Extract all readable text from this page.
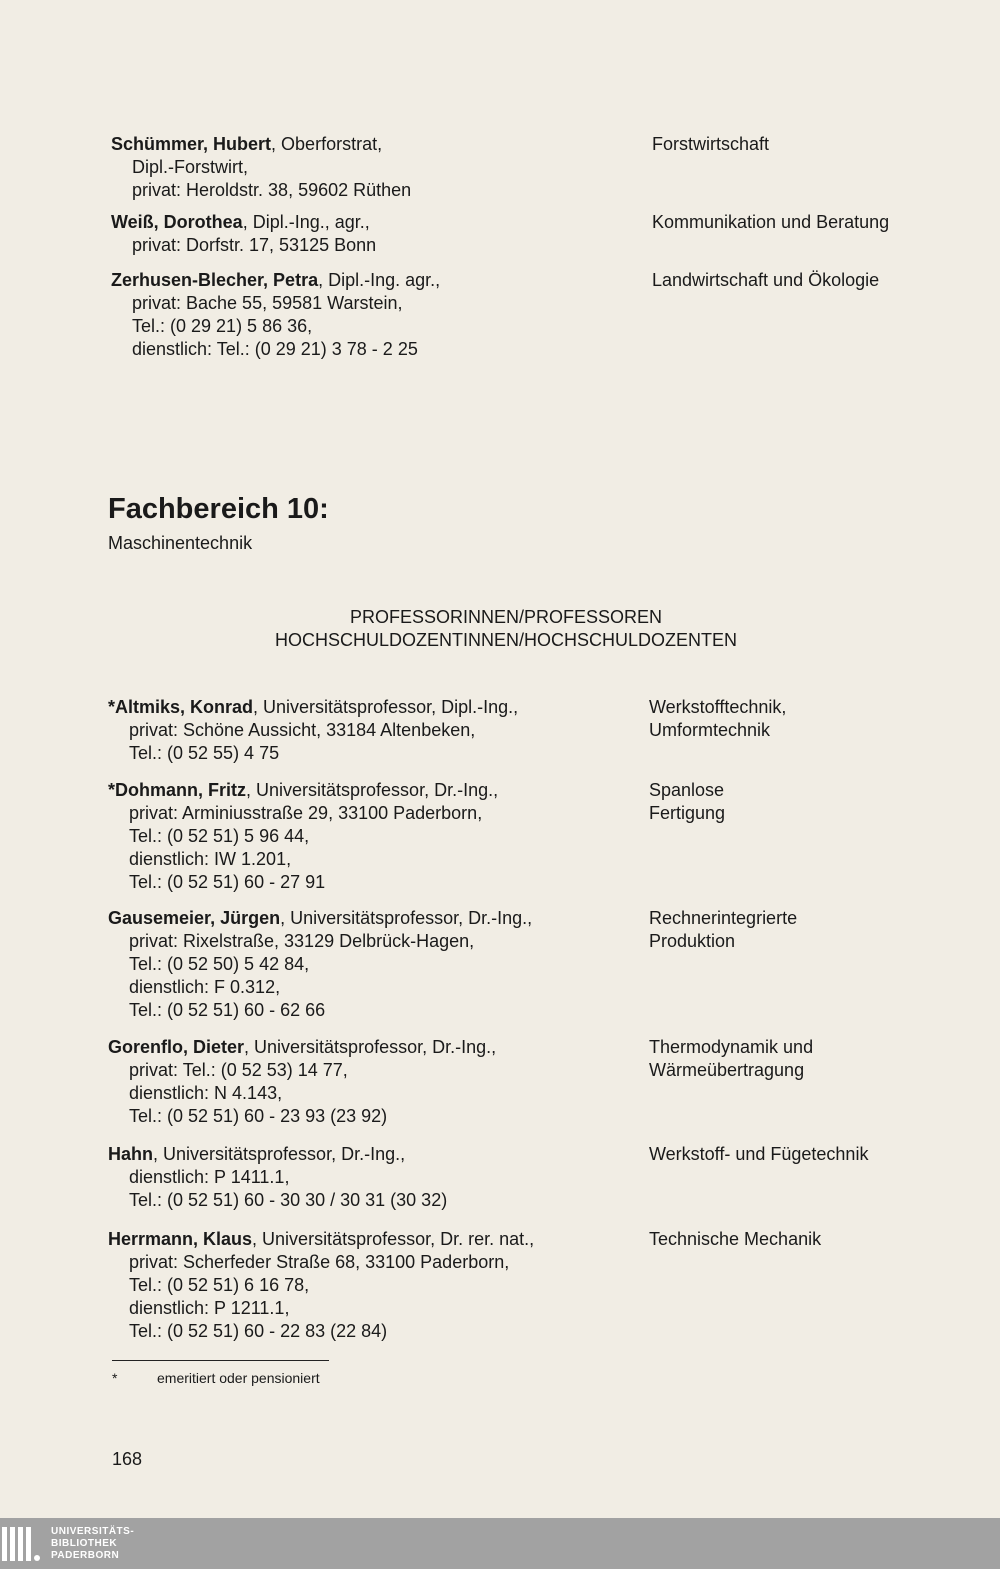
Schümmer, Hubert, Oberforstrat,
Dipl.-Forstwirt,
privat: Heroldstr. 38, 59602 Rüthen
Forstwirtschaft
Weiß, Dorothea, Dipl.-Ing., agr.,
privat: Dorfstr. 17, 53125 Bonn
Kommunikation und Beratung
Zerhusen-Blecher, Petra, Dipl.-Ing. agr.,
privat: Bache 55, 59581 Warstein,
Tel.: (0 29 21) 5 86 36,
dienstlich: Tel.: (0 29 21) 3 78 - 2 25
Landwirtschaft und Ökologie
Fachbereich 10:
Maschinentechnik
PROFESSORINNEN/PROFESSOREN
HOCHSCHULDOZENTINNEN/HOCHSCHULDOZENTEN
*Altmiks, Konrad, Universitätsprofessor, Dipl.-Ing.,
privat: Schöne Aussicht, 33184 Altenbeken,
Tel.: (0 52 55) 4 75
Werkstofftechnik,
Umformtechnik
*Dohmann, Fritz, Universitätsprofessor, Dr.-Ing.,
privat: Arminiusstraße 29, 33100 Paderborn,
Tel.: (0 52 51) 5 96 44,
dienstlich: IW 1.201,
Tel.: (0 52 51) 60 - 27 91
Spanlose
Fertigung
Gausemeier, Jürgen, Universitätsprofessor, Dr.-Ing.,
privat: Rixelstraße, 33129 Delbrück-Hagen,
Tel.: (0 52 50) 5 42 84,
dienstlich: F 0.312,
Tel.: (0 52 51) 60 - 62 66
Rechnerintegrierte
Produktion
Gorenflo, Dieter, Universitätsprofessor, Dr.-Ing.,
privat: Tel.: (0 52 53) 14 77,
dienstlich: N 4.143,
Tel.: (0 52 51) 60 - 23 93 (23 92)
Thermodynamik und
Wärmeübertragung
Hahn, Universitätsprofessor, Dr.-Ing.,
dienstlich: P 1411.1,
Tel.: (0 52 51) 60 - 30 30 / 30 31 (30 32)
Werkstoff- und Fügetechnik
Herrmann, Klaus, Universitätsprofessor, Dr. rer. nat.,
privat: Scherfeder Straße 68, 33100 Paderborn,
Tel.: (0 52 51) 6 16 78,
dienstlich: P 1211.1,
Tel.: (0 52 51) 60 - 22 83 (22 84)
Technische Mechanik
*	emeritiert oder pensioniert
168
UNIVERSITÄTS-
BIBLIOTHEK
PADERBORN
